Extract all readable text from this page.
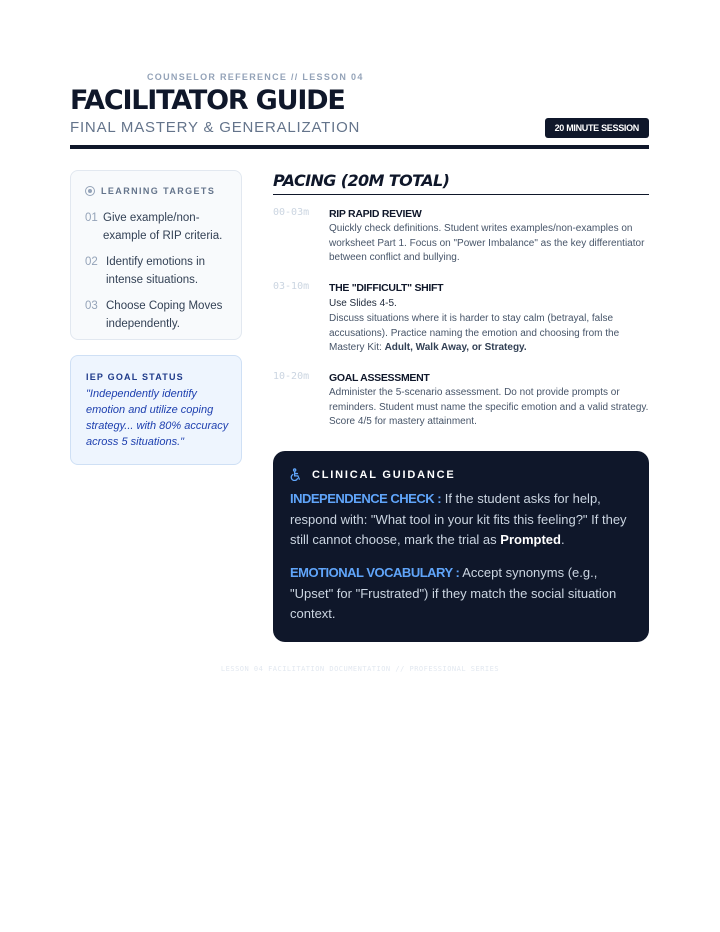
COUNSELOR REFERENCE // LESSON 04
FACILITATOR GUIDE
FINAL MASTERY & GENERALIZATION	20 MINUTE SESSION
LEARNING TARGETS
01 Give example/non-example of RIP criteria.
02 Identify emotions in intense situations.
03 Choose Coping Moves independently.
IEP GOAL STATUS

"Independently identify emotion and utilize coping strategy... with 80% accuracy across 5 situations."

PACING (20M TOTAL)
00-03m RIP RAPID REVIEW
Quickly check definitions. Student writes examples/non-examples on worksheet Part 1. Focus on "Power Imbalance" as the key differentiator between conflict and bullying.
03-10m THE "DIFFICULT" SHIFT
Use Slides 4-5.
Discuss situations where it is harder to stay calm (betrayal, false accusations). Practice naming the emotion and choosing from the Mastery Kit: Adult, Walk Away, or Strategy.
10-20m GOAL ASSESSMENT
Administer the 5-scenario assessment. Do not provide prompts or reminders. Student must name the specific emotion and a valid strategy. Score 4/5 for mastery attainment.
CLINICAL GUIDANCE

INDEPENDENCE CHECK : If the student asks for help, respond with: "What tool in your kit fits this feeling?" If they still cannot choose, mark the trial as Prompted.

EMOTIONAL VOCABULARY : Accept synonyms (e.g., "Upset" for "Frustrated") if they match the social situation context.

LESSON 04 FACILITATION DOCUMENTATION // PROFESSIONAL SERIES
